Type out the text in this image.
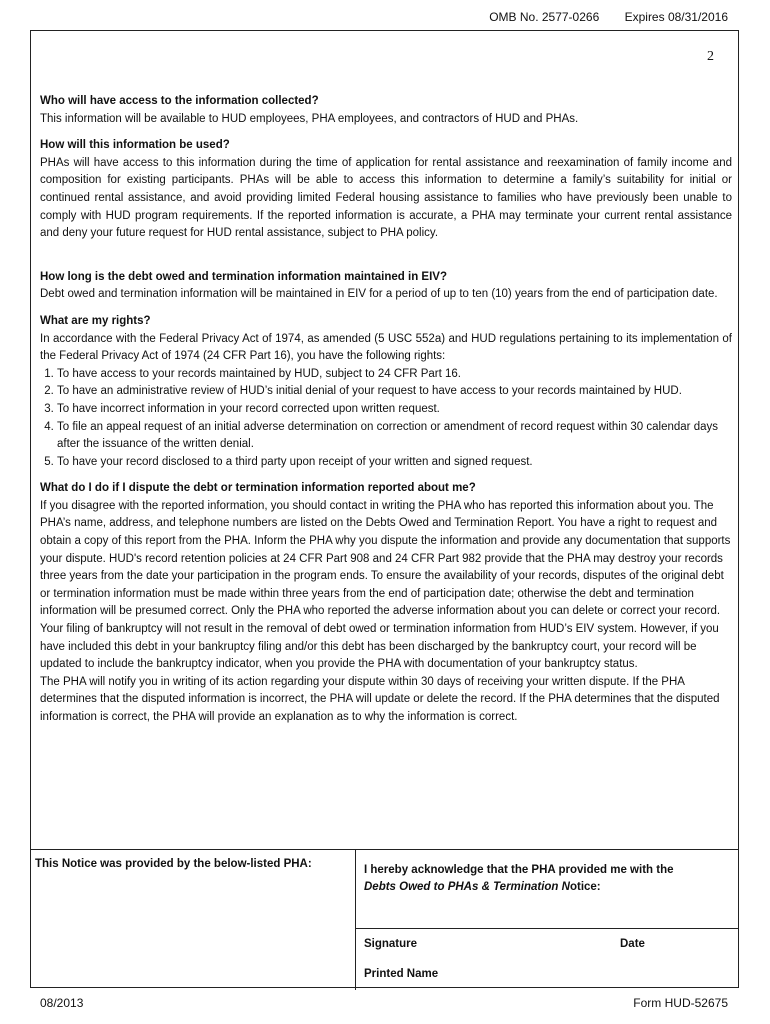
OMB No. 2577-0266 Expires 08/31/2016
2
Who will have access to the information collected?

This information will be available to HUD employees, PHA employees, and contractors of HUD and PHAs.

How will this information be used?

PHAs will have access to this information during the time of application for rental assistance and reexamination of family income and composition for existing participants. PHAs will be able to access this information to determine a family’s suitability for initial or continued rental assistance, and avoid providing limited Federal housing assistance to families who have previously been unable to comply with HUD program requirements. If the reported information is accurate, a PHA may terminate your current rental assistance and deny your future request for HUD rental assistance, subject to PHA policy.

How long is the debt owed and termination information maintained in EIV?

Debt owed and termination information will be maintained in EIV for a period of up to ten (10) years from the end of participation date.

What are my rights?

In accordance with the Federal Privacy Act of 1974, as amended (5 USC 552a) and HUD regulations pertaining to its implementation of the Federal Privacy Act of 1974 (24 CFR Part 16), you have the following rights:

1. To have access to your records maintained by HUD, subject to 24 CFR Part 16.
2. To have an administrative review of HUD’s initial denial of your request to have access to your records maintained by HUD.
3. To have incorrect information in your record corrected upon written request.
4. To file an appeal request of an initial adverse determination on correction or amendment of record request within 30 calendar days after the issuance of the written denial.
5. To have your record disclosed to a third party upon receipt of your written and signed request.
What do I do if I dispute the debt or termination information reported about me?

If you disagree with the reported information, you should contact in writing the PHA who has reported this information about you. The PHA’s name, address, and telephone numbers are listed on the Debts Owed and Termination Report. You have a right to request and obtain a copy of this report from the PHA. Inform the PHA why you dispute the information and provide any documentation that supports your dispute. HUD's record retention policies at 24 CFR Part 908 and 24 CFR Part 982 provide that the PHA may destroy your records three years from the date your participation in the program ends. To ensure the availability of your records, disputes of the original debt or termination information must be made within three years from the end of participation date; otherwise the debt and termination information will be presumed correct. Only the PHA who reported the adverse information about you can delete or correct your record.

Your filing of bankruptcy will not result in the removal of debt owed or termination information from HUD’s EIV system. However, if you have included this debt in your bankruptcy filing and/or this debt has been discharged by the bankruptcy court, your record will be updated to include the bankruptcy indicator, when you provide the PHA with documentation of your bankruptcy status.

The PHA will notify you in writing of its action regarding your dispute within 30 days of receiving your written dispute. If the PHA determines that the disputed information is incorrect, the PHA will update or delete the record. If the PHA determines that the disputed information is correct, the PHA will provide an explanation as to why the information is correct.

This Notice was provided by the below-listed PHA:	I hereby acknowledge that the PHA provided me with the
Debts Owed to PHAs & Termination Notice:
Signature	Date
Printed Name
08/2013	Form HUD-52675
